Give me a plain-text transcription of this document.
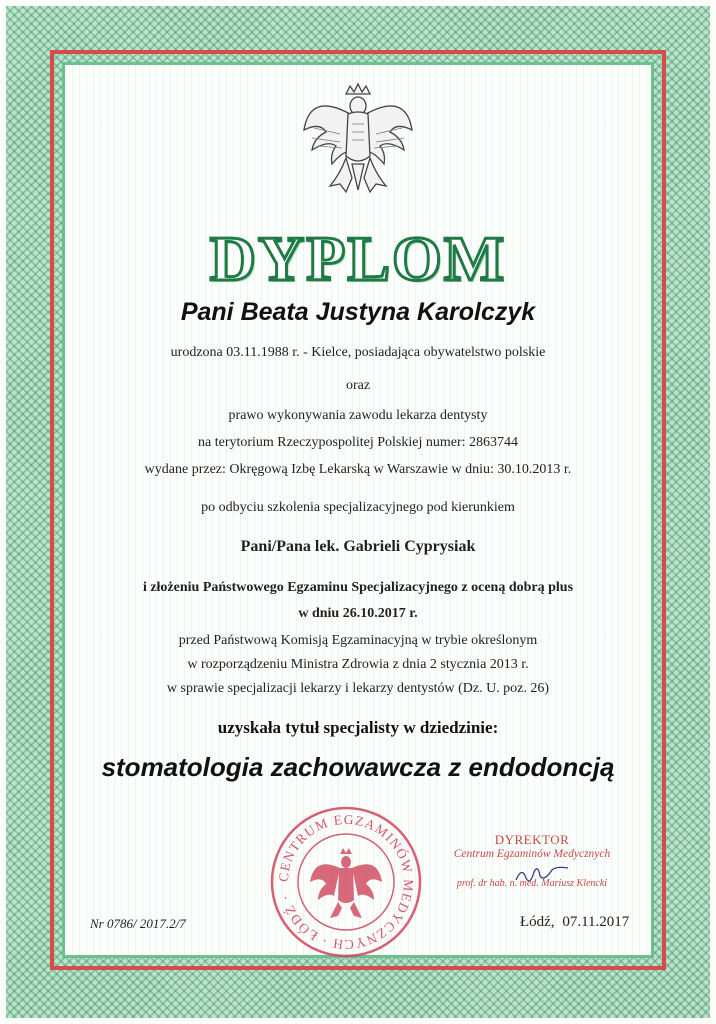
DYPLOM
Pani Beata Justyna Karolczyk
urodzona 03.11.1988 r. - Kielce, posiadająca obywatelstwo polskie
oraz
prawo wykonywania zawodu lekarza dentysty
na terytorium Rzeczypospolitej Polskiej numer: 2863744
wydane przez: Okręgową Izbę Lekarską w Warszawie w dniu: 30.10.2013 r.
po odbyciu szkolenia specjalizacyjnego pod kierunkiem
Pani/Pana lek. Gabrieli Cyprysiak
i złożeniu Państwowego Egzaminu Specjalizacyjnego z oceną dobrą plus
w dniu 26.10.2017 r.
przed Państwową Komisją Egzaminacyjną w trybie określonym
w rozporządzeniu Ministra Zdrowia z dnia 2 stycznia 2013 r.
w sprawie specjalizacji lekarzy i lekarzy dentystów (Dz. U. poz. 26)
uzyskała tytuł specjalisty w dziedzinie:
stomatologia zachowawcza z endodoncją
CENTRUM EGZAMINÓW MEDYCZNYCH · ŁÓDŹ ·
DYREKTOR
Centrum Egzaminów Medycznych
prof. dr hab. n. med. Mariusz Klencki
Nr 0786/ 2017.2/7	Łódź, 07.11.2017
